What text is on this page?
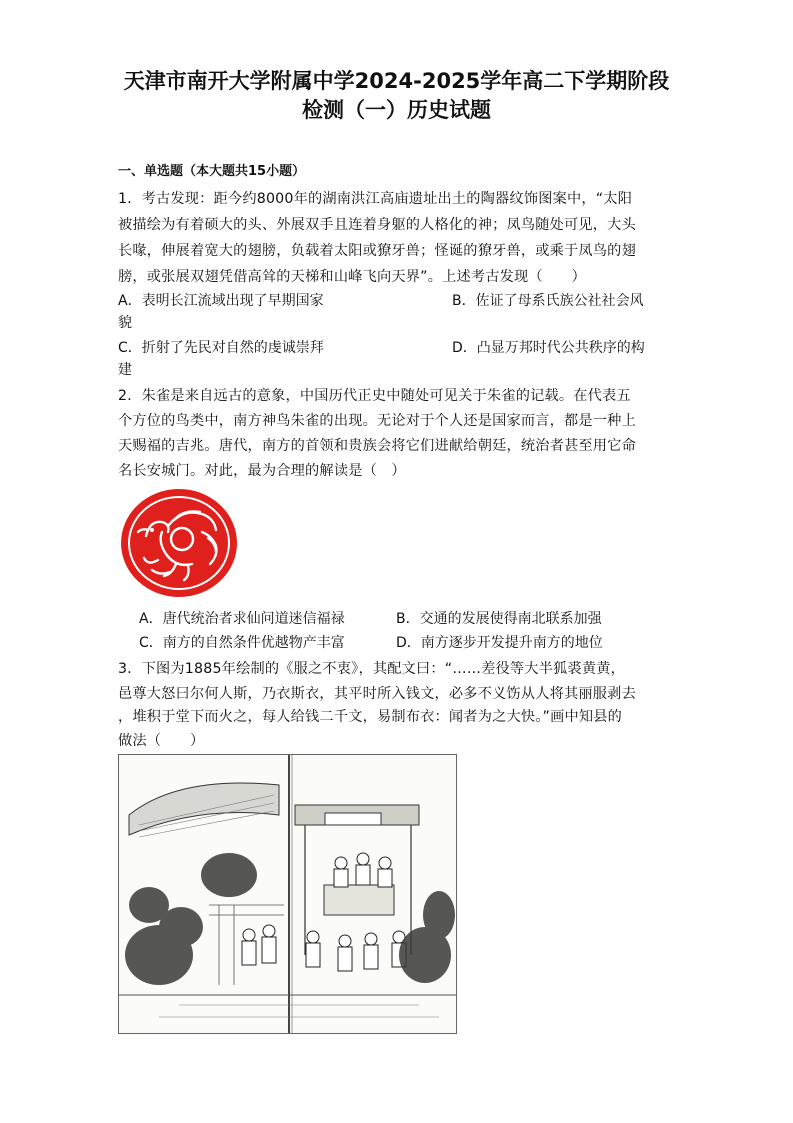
天津市南开大学附属中学2024-2025学年高二下学期阶段
检测（一）历史试题
一、单选题（本大题共15小题）
1．考古发现：距今约8000年的湖南洪江高庙遗址出土的陶器纹饰图案中，“太阳
被描绘为有着硕大的头、外展双手且连着身躯的人格化的神；凤鸟随处可见，大头
长喙，伸展着宽大的翅膀，负载着太阳或獠牙兽；怪诞的獠牙兽，或乘于凤鸟的翅
膀，或张展双翅凭借高耸的天梯和山峰飞向天界”。上述考古发现（　　）
A．表明长江流域出现了早期国家	B．佐证了母系氏族公社社会风
貌
C．折射了先民对自然的虔诚崇拜	D．凸显万邦时代公共秩序的构
建
2．朱雀是来自远古的意象，中国历代正史中随处可见关于朱雀的记载。在代表五
个方位的鸟类中，南方神鸟朱雀的出现。无论对于个人还是国家而言，都是一种上
天赐福的吉兆。唐代，南方的首领和贵族会将它们进献给朝廷，统治者甚至用它命
名长安城门。对此，最为合理的解读是（　）
A．唐代统治者求仙问道迷信福禄	B．交通的发展使得南北联系加强
C．南方的自然条件优越物产丰富	D．南方逐步开发提升南方的地位
3．下图为1885年绘制的《服之不衷》，其配文曰：“……差役等大半狐裘黄黄，
邑尊大怒曰尔何人斯，乃衣斯衣，其平时所入钱文，必多不义饬从人将其丽服剥去
，堆积于堂下而火之，每人给钱二千文，易制布衣：闻者为之大快。”画中知县的
做法（　　）
